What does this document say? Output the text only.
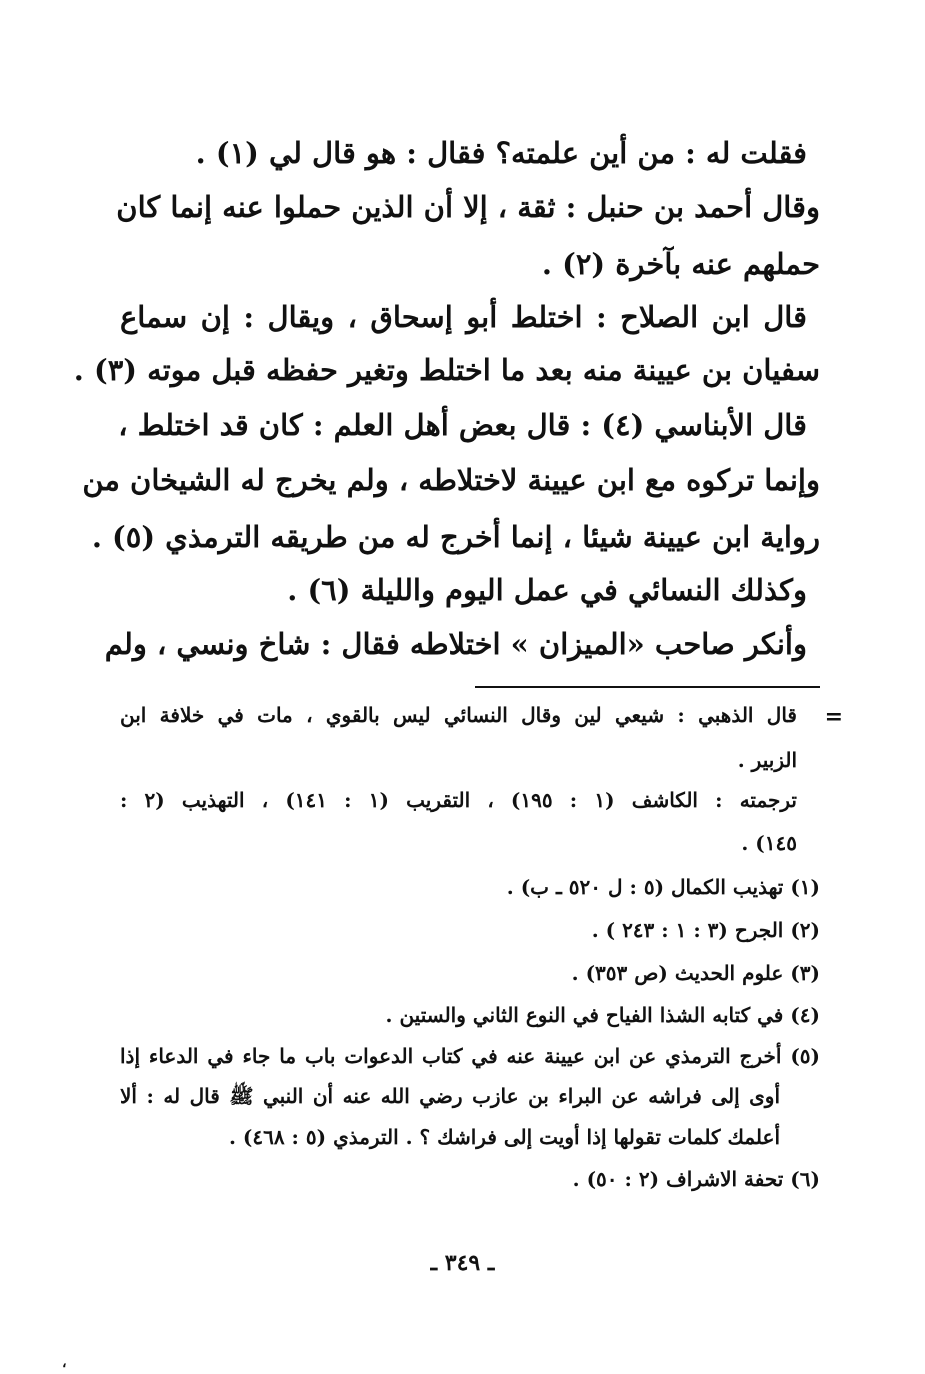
فقلت له : من أين علمته؟ فقال : هو قال لي (١) .
وقال أحمد بن حنبل : ثقة ، إلا أن الذين حملوا عنه إنما كان
حملهم عنه بآخرة (٢) .
قال ابن الصلاح : اختلط أبو إسحاق ، ويقال : إن سماع
سفيان بن عيينة منه بعد ما اختلط وتغير حفظه قبل موته (٣) .
قال الأبناسي (٤) : قال بعض أهل العلم : كان قد اختلط ،
وإنما تركوه مع ابن عيينة لاختلاطه ، ولم يخرج له الشيخان من
رواية ابن عيينة شيئا ، إنما أخرج له من طريقه الترمذي (٥) .
وكذلك النسائي في عمل اليوم والليلة (٦) .
وأنكر صاحب «الميزان » اختلاطه فقال : شاخ ونسي ، ولم
=
قال الذهبي : شيعي لين وقال النسائي ليس بالقوي ، مات في خلافة ابن
الزبير .
ترجمته : الكاشف (١ : ١٩٥) ، التقريب (١ : ١٤١) ، التهذيب (٢ :
١٤٥) .
(١) تهذيب الكمال (٥ : ل ٥٢٠ ـ ب) .
(٢) الجرح (٣ : ١ : ٢٤٣ ) .
(٣) علوم الحديث (ص ٣٥٣) .
(٤) في كتابه الشذا الفياح في النوع الثاني والستين .
(٥) أخرج الترمذي عن ابن عيينة عنه في كتاب الدعوات باب ما جاء في الدعاء إذا
أوى إلى فراشه عن البراء بن عازب رضي الله عنه أن النبي ﷺ قال له : ألا
أعلمك كلمات تقولها إذا أويت إلى فراشك ؟ . الترمذي (٥ : ٤٦٨) .
(٦) تحفة الاشراف (٢ : ٥٠) .
ـ ٣٤٩ ـ
،
